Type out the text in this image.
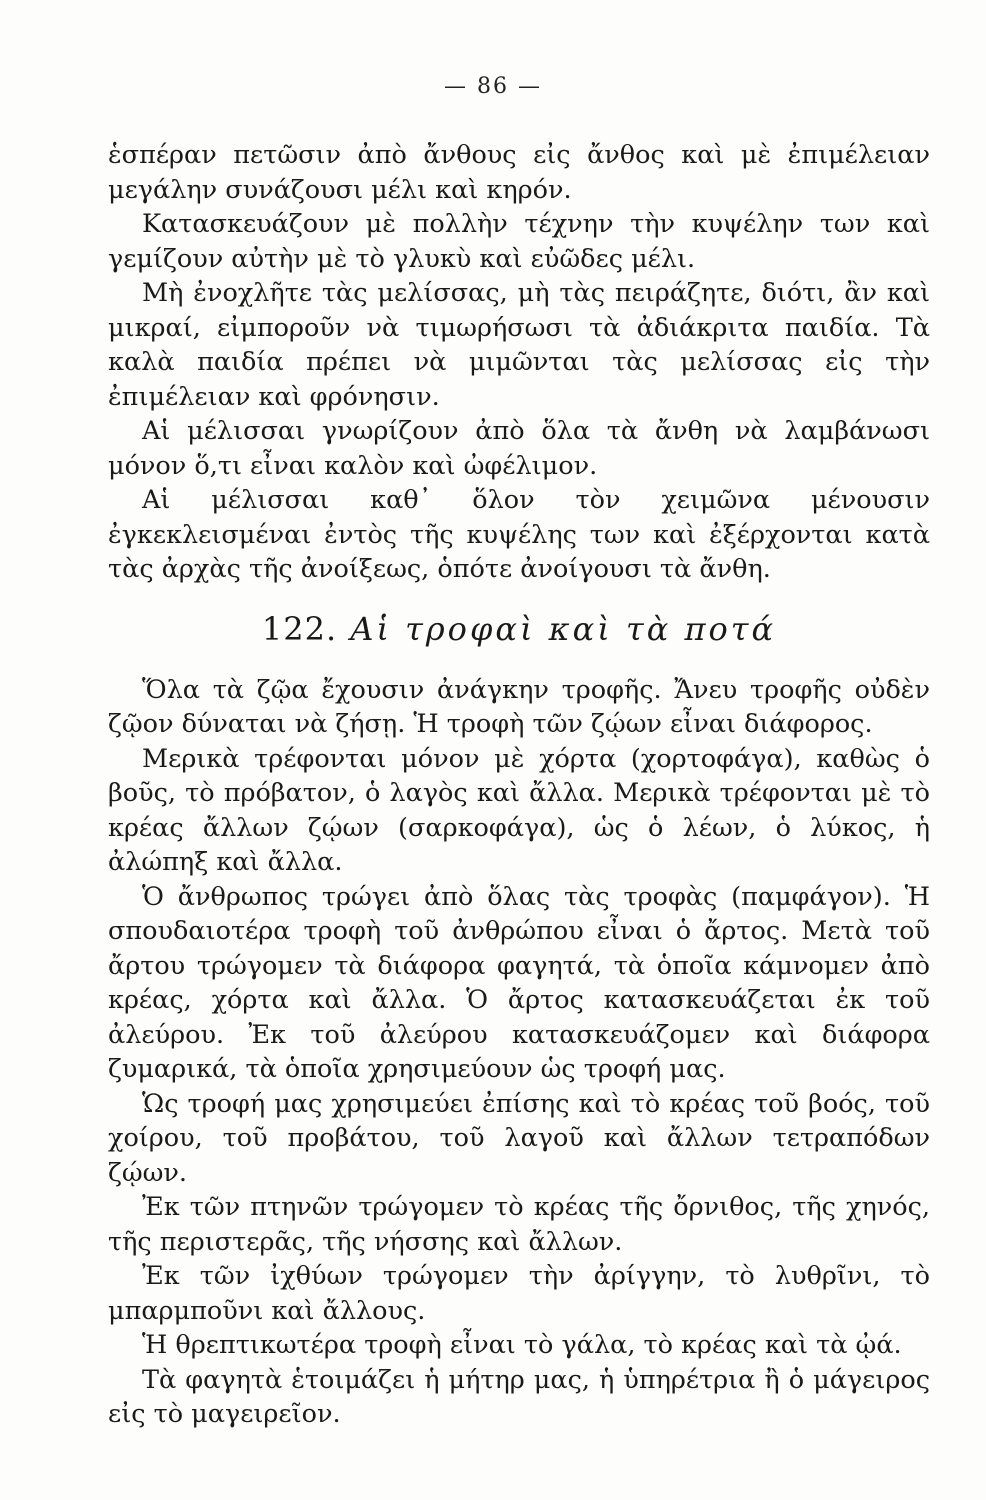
— 86 —

ἑσπέραν πετῶσιν ἀπὸ ἄνθους εἰς ἄνθος καὶ μὲ ἐπιμέλειαν μεγάλην συνάζουσι μέλι καὶ κηρόν.

Κατασκευάζουν μὲ πολλὴν τέχνην τὴν κυψέλην των καὶ γεμίζουν αὐτὴν μὲ τὸ γλυκὺ καὶ εὐῶδες μέλι.

Μὴ ἐνοχλῆτε τὰς μελίσσας, μὴ τὰς πειράζητε, διότι, ἂν καὶ μικραί, εἰμποροῦν νὰ τιμωρήσωσι τὰ ἀδιάκριτα παιδία. Τὰ καλὰ παιδία πρέπει νὰ μιμῶνται τὰς μελίσσας εἰς τὴν ἐπιμέλειαν καὶ φρόνησιν.

Αἱ μέλισσαι γνωρίζουν ἀπὸ ὅλα τὰ ἄνθη νὰ λαμβάνωσι μόνον ὅ,τι εἶναι καλὸν καὶ ὠφέλιμον.

Αἱ μέλισσαι καθ᾽ ὅλον τὸν χειμῶνα μένουσιν ἐγκεκλεισμέναι ἐντὸς τῆς κυψέλης των καὶ ἐξέρχονται κατὰ τὰς ἀρχὰς τῆς ἀνοίξεως, ὁπότε ἀνοίγουσι τὰ ἄνθη.

122. Αἱ τροφαὶ καὶ τὰ ποτά

Ὅλα τὰ ζῷα ἔχουσιν ἀνάγκην τροφῆς. Ἄνευ τροφῆς οὐδὲν ζῷον δύναται νὰ ζήσῃ. Ἡ τροφὴ τῶν ζῴων εἶναι διάφορος.

Μερικὰ τρέφονται μόνον μὲ χόρτα (χορτοφάγα), καθὼς ὁ βοῦς, τὸ πρόβατον, ὁ λαγὸς καὶ ἄλλα. Μερικὰ τρέφονται μὲ τὸ κρέας ἄλλων ζῴων (σαρκοφάγα), ὡς ὁ λέων, ὁ λύκος, ἡ ἀλώπηξ καὶ ἄλλα.

Ὁ ἄνθρωπος τρώγει ἀπὸ ὅλας τὰς τροφὰς (παμφάγον). Ἡ σπουδαιοτέρα τροφὴ τοῦ ἀνθρώπου εἶναι ὁ ἄρτος. Μετὰ τοῦ ἄρτου τρώγομεν τὰ διάφορα φαγητά, τὰ ὁποῖα κάμνομεν ἀπὸ κρέας, χόρτα καὶ ἄλλα. Ὁ ἄρτος κατασκευάζεται ἐκ τοῦ ἀλεύρου. Ἐκ τοῦ ἀλεύρου κατασκευάζομεν καὶ διάφορα ζυμαρικά, τὰ ὁποῖα χρησιμεύουν ὡς τροφή μας.

Ὡς τροφή μας χρησιμεύει ἐπίσης καὶ τὸ κρέας τοῦ βοός, τοῦ χοίρου, τοῦ προβάτου, τοῦ λαγοῦ καὶ ἄλλων τετραπόδων ζῴων.

Ἐκ τῶν πτηνῶν τρώγομεν τὸ κρέας τῆς ὄρνιθος, τῆς χηνός, τῆς περιστερᾶς, τῆς νήσσης καὶ ἄλλων.

Ἐκ τῶν ἰχθύων τρώγομεν τὴν ἀρίγγην, τὸ λυθρῖνι, τὸ μπαρμποῦνι καὶ ἄλλους.

Ἡ θρεπτικωτέρα τροφὴ εἶναι τὸ γάλα, τὸ κρέας καὶ τὰ ᾠά.

Τὰ φαγητὰ ἑτοιμάζει ἡ μήτηρ μας, ἡ ὑπηρέτρια ἢ ὁ μάγειρος εἰς τὸ μαγειρεῖον.
